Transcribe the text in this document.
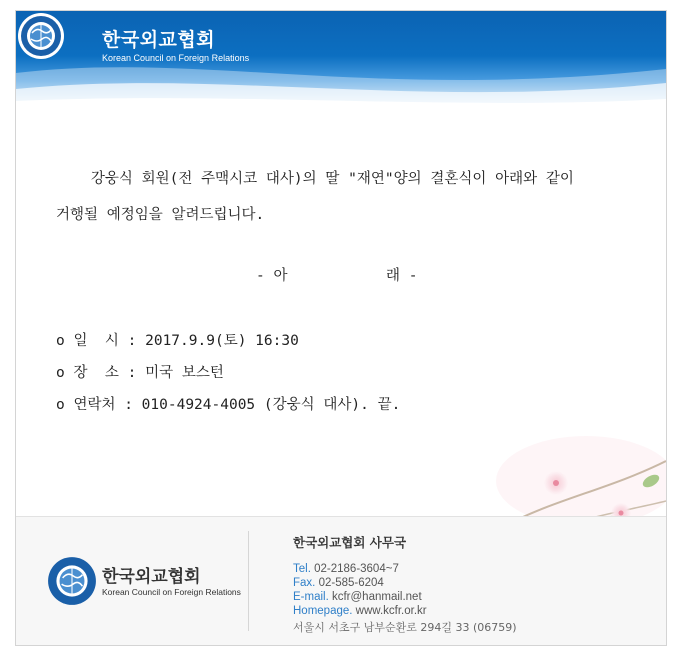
한국외교협회
Korean Council on Foreign Relations
강웅식 회원(전 주맥시코 대사)의 딸 "재연"양의 결혼식이 아래와 같이
거행될 예정임을 알려드립니다.
- 아	래 -
o 일  시 : 2017.9.9(토) 16:30
o 장  소 : 미국 보스턴
o 연락처 : 010-4924-4005 (강웅식 대사). 끝.
한국외교협회
Korean Council on Foreign Relations
한국외교협회 사무국
Tel. 02-2186-3604~7
Fax. 02-585-6204
E-mail. kcfr@hanmail.net
Homepage. www.kcfr.or.kr
서울시 서초구 남부순환로 294길 33 (06759)
